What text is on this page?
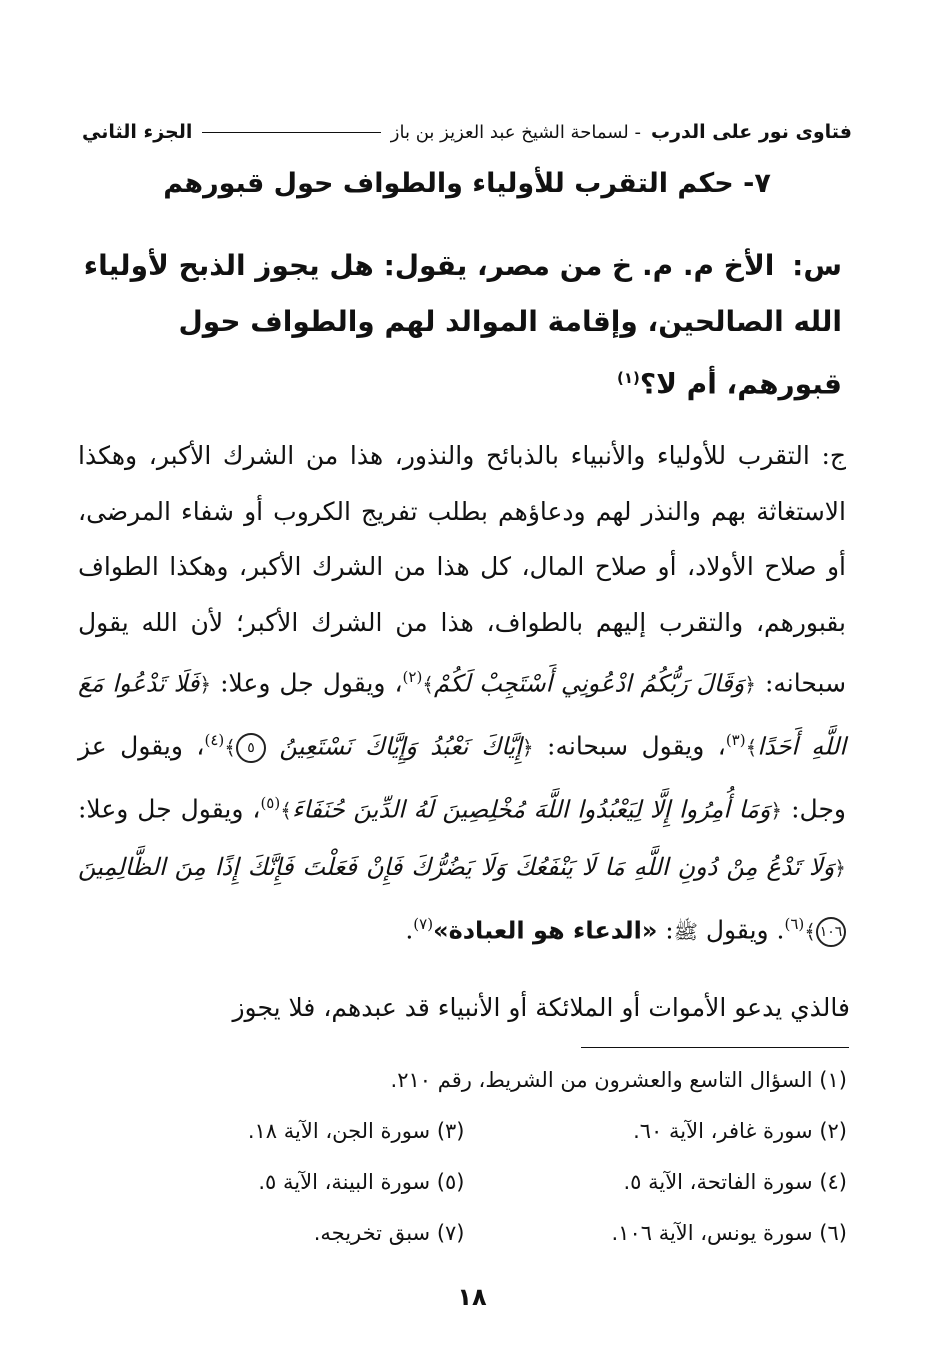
فتاوى نور على الدرب
- لسماحة الشيخ عبد العزيز بن باز
الجزء الثاني
٧- حكم التقرب للأولياء والطواف حول قبورهم
س: الأخ م. م. خ من مصر، يقول: هل يجوز الذبح لأولياء الله الصالحين، وإقامة الموالد لهم والطواف حول قبورهم، أم لا؟$^{(١)}$
ج: التقرب للأولياء والأنبياء بالذبائح والنذور، هذا من الشرك الأكبر، وهكذا الاستغاثة بهم والنذر لهم ودعاؤهم بطلب تفريج الكروب أو شفاء المرضى، أو صلاح الأولاد، أو صلاح المال، كل هذا من الشرك الأكبر، وهكذا الطواف بقبورهم، والتقرب إليهم بالطواف، هذا من الشرك الأكبر؛ لأن الله يقول سبحانه: ﴿وَقَالَ رَبُّكُمُ ادْعُونِي أَسْتَجِبْ لَكُمْ﴾$^{(٢)}$، ويقول جل وعلا: ﴿فَلَا تَدْعُوا مَعَ اللَّهِ أَحَدًا﴾$^{(٣)}$، ويقول سبحانه: ﴿إِيَّاكَ نَعْبُدُ وَإِيَّاكَ نَسْتَعِينُ ٥﴾$^{(٤)}$، ويقول عز وجل: ﴿وَمَا أُمِرُوا إِلَّا لِيَعْبُدُوا اللَّهَ مُخْلِصِينَ لَهُ الدِّينَ حُنَفَاءَ﴾$^{(٥)}$، ويقول جل وعلا: ﴿وَلَا تَدْعُ مِنْ دُونِ اللَّهِ مَا لَا يَنْفَعُكَ وَلَا يَضُرُّكَ فَإِنْ فَعَلْتَ فَإِنَّكَ إِذًا مِنَ الظَّالِمِينَ ١٠٦﴾$^{(٦)}$. ويقول ﷺ: «الدعاء هو العبادة»$^{(٧)}$.
فالذي يدعو الأموات أو الملائكة أو الأنبياء قد عبدهم، فلا يجوز
(١) السؤال التاسع والعشرون من الشريط، رقم ٢١٠.
(٢) سورة غافر، الآية ٦٠.
(٣) سورة الجن، الآية ١٨.
(٤) سورة الفاتحة، الآية ٥.
(٥) سورة البينة، الآية ٥.
(٦) سورة يونس، الآية ١٠٦.
(٧) سبق تخريجه.
١٨
